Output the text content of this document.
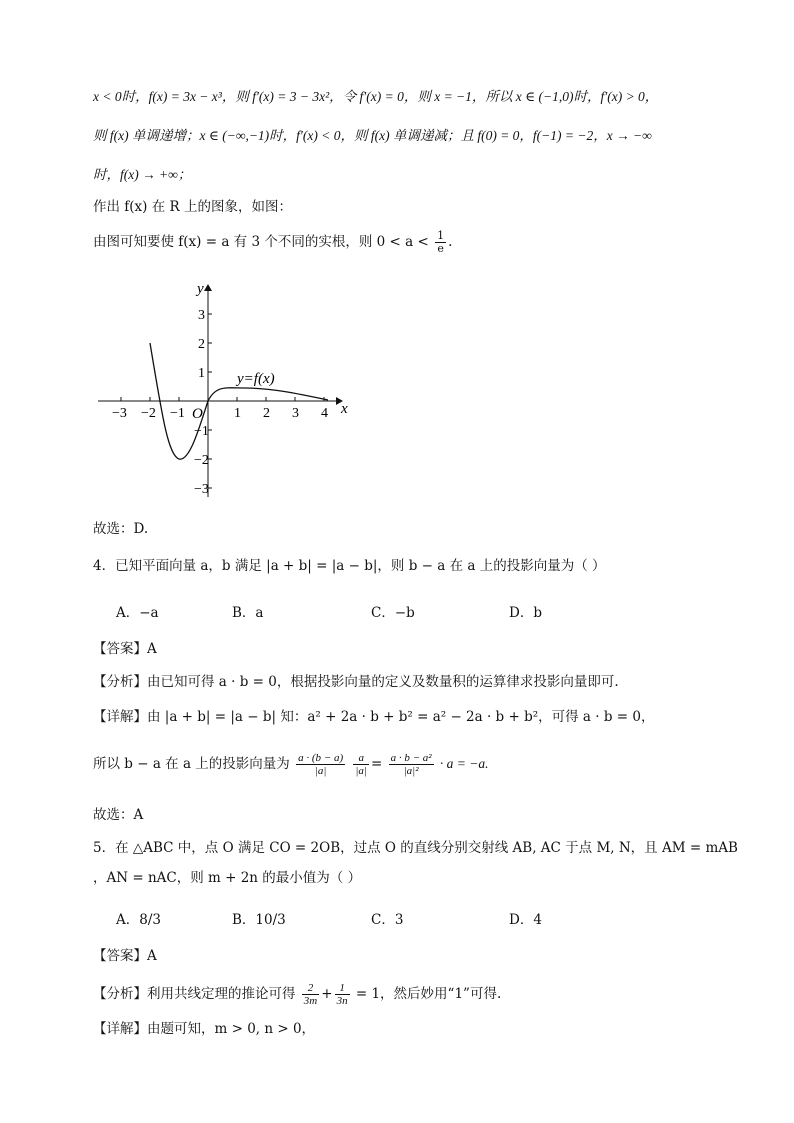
x < 0时，f(x) = 3x − x³，则 f′(x) = 3 − 3x²，令 f′(x) = 0，则 x = −1，所以 x ∈ (−1,0)时，f′(x) > 0，
则 f(x) 单调递增；x ∈ (−∞,−1)时，f′(x) < 0，则 f(x) 单调递减；且 f(0) = 0，f(−1) = −2，x → −∞
时，f(x) → +∞；
作出 f(x) 在 R 上的图象，如图：
由图可知要使 f(x) = a 有 3 个不同的实根，则 $0 < a < \frac{1}{e}$ .
−3 −2 −1	1 2 3 4
3
2
1
−1
−2
−3
y
x
O
y=f(x)
故选：D.
4．已知平面向量 a，b 满足 |a + b| = |a − b|，则 b − a 在 a 上的投影向量为（ ）
A．−a	B．a	C．−b	D．b
【答案】A
【分析】由已知可得 a · b = 0，根据投影向量的定义及数量积的运算律求投影向量即可.
【详解】由 |a + b| = |a − b| 知：a² + 2a · b + b² = a² − 2a · b + b²，可得 a · b = 0，
所以 b − a 在 a 上的投影向量为 $\frac{a \cdot (b - a)}{|a|}$
$\frac{a}{|a|} = \frac{\text{a · b − a²}}{\text{|a|²}} \cdot a = -a$.
故选：A
5．在 △ABC 中，点 O 满足 CO = 2OB，过点 O 的直线分别交射线 AB, AC 于点 M, N，且 AM = mAB
，AN = nAC，则 m + 2n 的最小值为（ ）
A．8/3	B．10/3	C．3	D．4
【答案】A
【分析】利用共线定理的推论可得 $\frac{2}{3m} + \frac{1}{3n} = 1$，然后妙用“1”可得.
【详解】由题可知，m > 0, n > 0，
